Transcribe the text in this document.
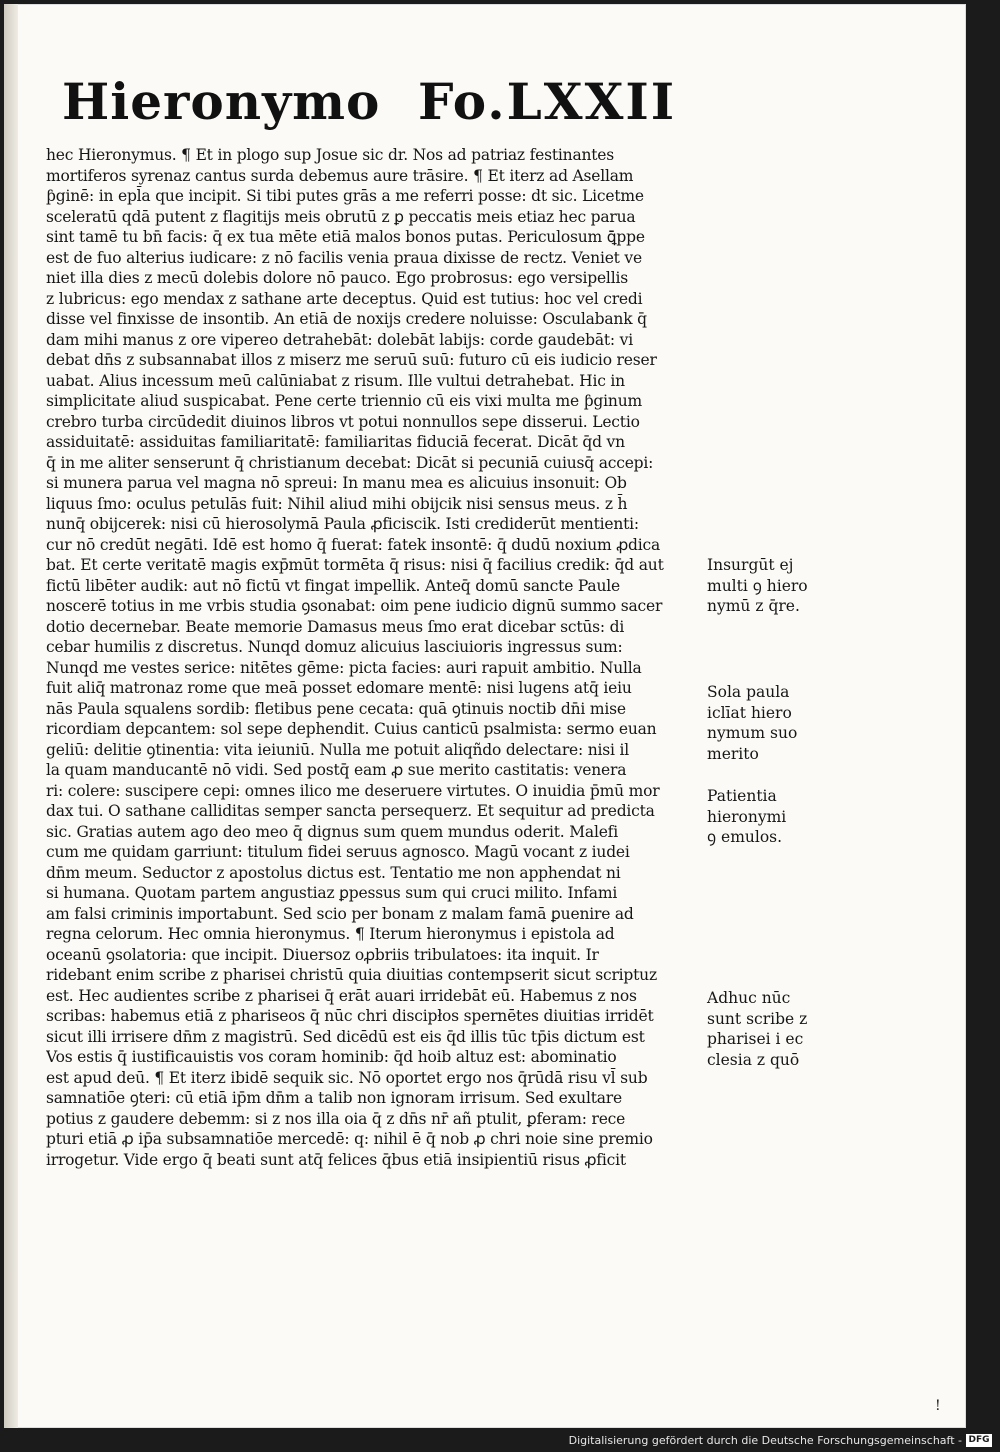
Hieronymo Fo.LXXII
hec Hieronymus. ¶ Et in plogo sup Josue sic dr. Nos ad patriaz festinantes
mortiferos syrenaz cantus surda debemus aure trāsire. ¶ Et iterz ad Asellam
ƥginē: in epl̄a que incipit. Si tibi putes grās a me referri posse: dt sic. Licetme
sceleratū qdā putent z flagitijs meis obrutū z ꝑ peccatis meis etiaz hec parua
sint tamē tu bn̄ facis: q̄ ex tua mēte etiā malos bonos putas. Periculosum ꝗ̄ppe
est de fuo alterius iudicare: z nō facilis venia praua dixisse de rectz. Veniet ve
niet illa dies z mecū dolebis dolore nō pauco. Ego probrosus: ego versipellis
z lubricus: ego mendax z sathane arte deceptus. Quid est tutius: hoc vel credi
disse vel finxisse de insontib. An etiā de noxijs credere noluisse: Osculabank q̄
dam mihi manus z ore vipereo detrahebāt: dolebāt labijs: corde gaudebāt: vi
debat dn̄s z subsannabat illos z miserz me seruū suū: futuro cū eis iudicio reser
uabat. Alius incessum meū calūniabat z risum. Ille vultui detrahebat. Hic in
simplicitate aliud suspicabat. Pene certe triennio cū eis vixi multa me ƥginum
crebro turba circūdedit diuinos libros vt potui nonnullos sepe disserui. Lectio
assiduitatē: assiduitas familiaritatē: familiaritas fiduciā fecerat. Dicāt q̄d vn
q̄ in me aliter senserunt q̄ christianum decebat: Dicāt si pecuniā cuiusq̄ accepi:
si munera parua vel magna nō spreui: In manu mea es alicuius insonuit: Ob
liquus ſmo: oculus petulās fuit: Nihil aliud mihi obijcik nisi sensus meus. z h̄
nunq̄ obijcerek: nisi cū hierosolymā Paula ꝓficiscik. Isti crediderūt mentienti:
cur nō credūt negāti. Idē est homo q̄ fuerat: fatek insontē: q̄ dudū noxium ꝓdica
bat. Et certe veritatē magis exp̄mūt tormēta q̄ risus: nisi q̄ facilius credik: q̄d aut
fictū libēter audik: aut nō fictū vt fingat impellik. Anteq̄ domū sancte Paule
noscerē totius in me vrbis studia ꝯsonabat: oim pene iudicio dignū summo sacer
dotio decernebar. Beate memorie Damasus meus ſmo erat dicebar sctūs: di
cebar humilis z discretus. Nunqd domuz alicuius lasciuioris ingressus sum:
Nunqd me vestes serice: nitētes gēme: picta facies: auri rapuit ambitio. Nulla
fuit aliq̄ matronaz rome que meā posset edomare mentē: nisi lugens atq̄ ieiu
nās Paula squalens sordib: fletibus pene cecata: quā ꝯtinuis noctib dn̄i mise
ricordiam depcantem: sol sepe dephendit. Cuius canticū psalmista: sermo euan
geliū: delitie ꝯtinentia: vita ieiuniū. Nulla me potuit aliqñdo delectare: nisi il
la quam manducantē nō vidi. Sed postq̄ eam ꝓ sue merito castitatis: venera
ri: colere: suscipere cepi: omnes ilico me deseruere virtutes. O inuidia p̄mū mor
dax tui. O sathane calliditas semper sancta persequerz. Et sequitur ad predicta
sic. Gratias autem ago deo meo q̄ dignus sum quem mundus oderit. Malefi
cum me quidam garriunt: titulum fidei seruus agnosco. Magū vocant z iudei
dn̄m meum. Seductor z apostolus dictus est. Tentatio me non apphendat ni
si humana. Quotam partem angustiaz ꝑpessus sum qui cruci milito. Infami
am falsi criminis importabunt. Sed scio per bonam z malam famā ꝑuenire ad
regna celorum. Hec omnia hieronymus. ¶ Iterum hieronymus i epistola ad
oceanū ꝯsolatoria: que incipit. Diuersoz oꝓbriis tribulatoes: ita inquit. Ir
ridebant enim scribe z pharisei christū quia diuitias contempserit sicut scriptuz
est. Hec audientes scribe z pharisei q̄ erāt auari irridebāt eū. Habemus z nos
scribas: habemus etiā z phariseos q̄ nūc chri discipłos spernētes diuitias irridēt
sicut illi irrisere dn̄m z magistrū. Sed dicēdū est eis q̄d illis tūc tp̄is dictum est
Vos estis q̄ iustificauistis vos coram hominib: q̄d hoib altuz est: abominatio
est apud deū. ¶ Et iterz ibidē sequik sic. Nō oportet ergo nos q̄rūdā risu vl̄ sub
samnatiōe ꝯteri: cū etiā ip̄m dn̄m a talib non ignoram irrisum. Sed exultare
potius z gaudere debemm: si z nos illa oia q̄ z dn̄s nr̄ añ ptulit, ꝑferam: rece
pturi etiā ꝓ ip̄a subsamnatiōe mercedē: q: nihil ē q̄ nob ꝓ chri noie sine premio
irrogetur. Vide ergo q̄ beati sunt atq̄ felices q̄bus etiā insipientiū risus ꝓficit
Insurgūt ej
multi ꝯ hiero
nymū z q̄re.
Sola paula
iclīat hiero
nymum suo
merito
Patientia
hieronymi
ꝯ emulos.
Adhuc nūc
sunt scribe z
pharisei i ec
clesia z quō
!
Digitalisierung gefördert durch die Deutsche Forschungsgemeinschaft - DFG
